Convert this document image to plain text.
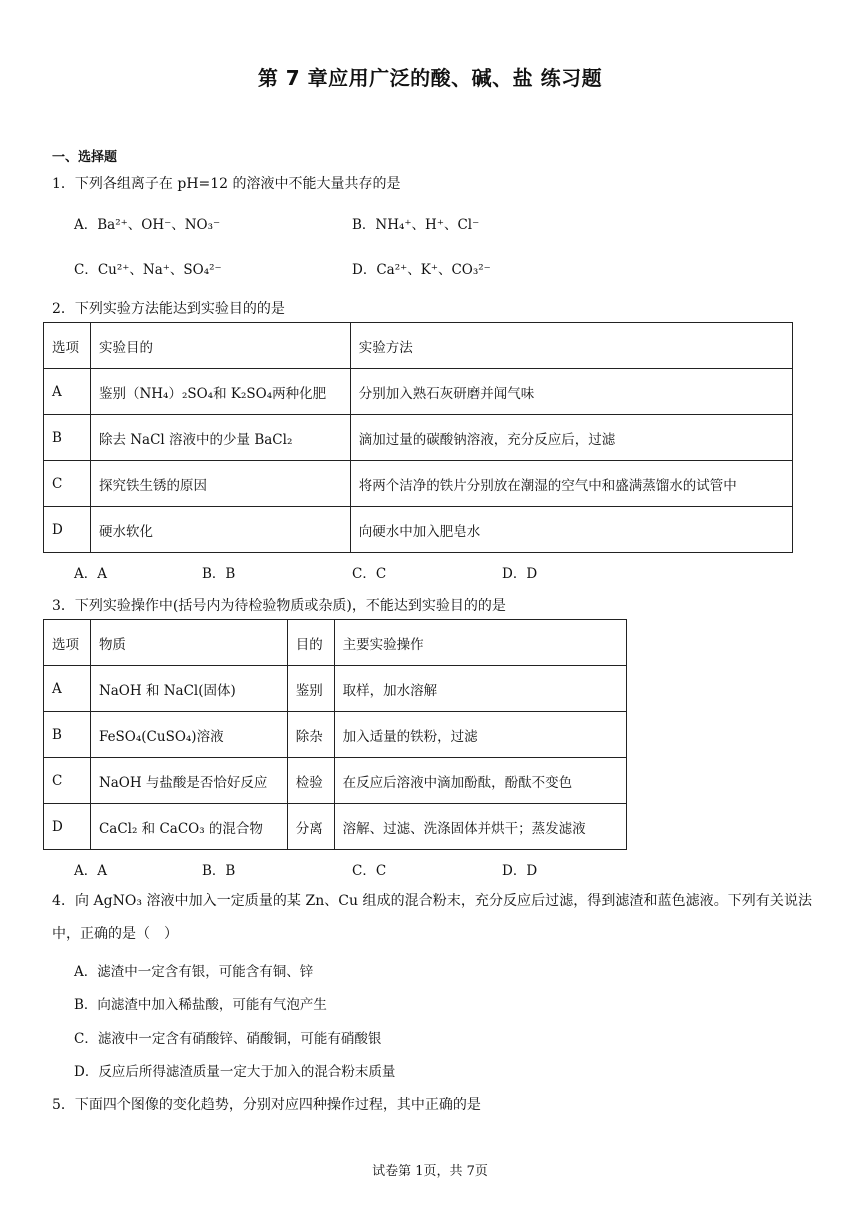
第 7 章应用广泛的酸、碱、盐 练习题
一、选择题
1．下列各组离子在 pH=12 的溶液中不能大量共存的是
A．Ba²⁺、OH⁻、NO₃⁻	B．NH₄⁺、H⁺、Cl⁻
C．Cu²⁺、Na⁺、SO₄²⁻	D．Ca²⁺、K⁺、CO₃²⁻
2．下列实验方法能达到实验目的的是
选项	实验目的	实验方法
A	鉴别（NH₄）₂SO₄和 K₂SO₄两种化肥	分别加入熟石灰研磨并闻气味
B	除去 NaCl 溶液中的少量 BaCl₂	滴加过量的碳酸钠溶液，充分反应后，过滤
C	探究铁生锈的原因	将两个洁净的铁片分别放在潮湿的空气中和盛满蒸馏水的试管中
D	硬水软化	向硬水中加入肥皂水
A．A	B．B	C．C	D．D
3．下列实验操作中(括号内为待检验物质或杂质)，不能达到实验目的的是
选项	物质	目的	主要实验操作
A	NaOH 和 NaCl(固体)	鉴别	取样，加水溶解
B	FeSO₄(CuSO₄)溶液	除杂	加入适量的铁粉，过滤
C	NaOH 与盐酸是否恰好反应	检验	在反应后溶液中滴加酚酞，酚酞不变色
D	CaCl₂ 和 CaCO₃ 的混合物	分离	溶解、过滤、洗涤固体并烘干；蒸发滤液
A．A	B．B	C．C	D．D
4．向 AgNO₃ 溶液中加入一定质量的某 Zn、Cu 组成的混合粉末，充分反应后过滤，得到滤渣和蓝色滤液。下列有关说法中，正确的是（　）
A．滤渣中一定含有银，可能含有铜、锌
B．向滤渣中加入稀盐酸，可能有气泡产生
C．滤液中一定含有硝酸锌、硝酸铜，可能有硝酸银
D．反应后所得滤渣质量一定大于加入的混合粉末质量
5．下面四个图像的变化趋势，分别对应四种操作过程，其中正确的是
试卷第 1页，共 7页
